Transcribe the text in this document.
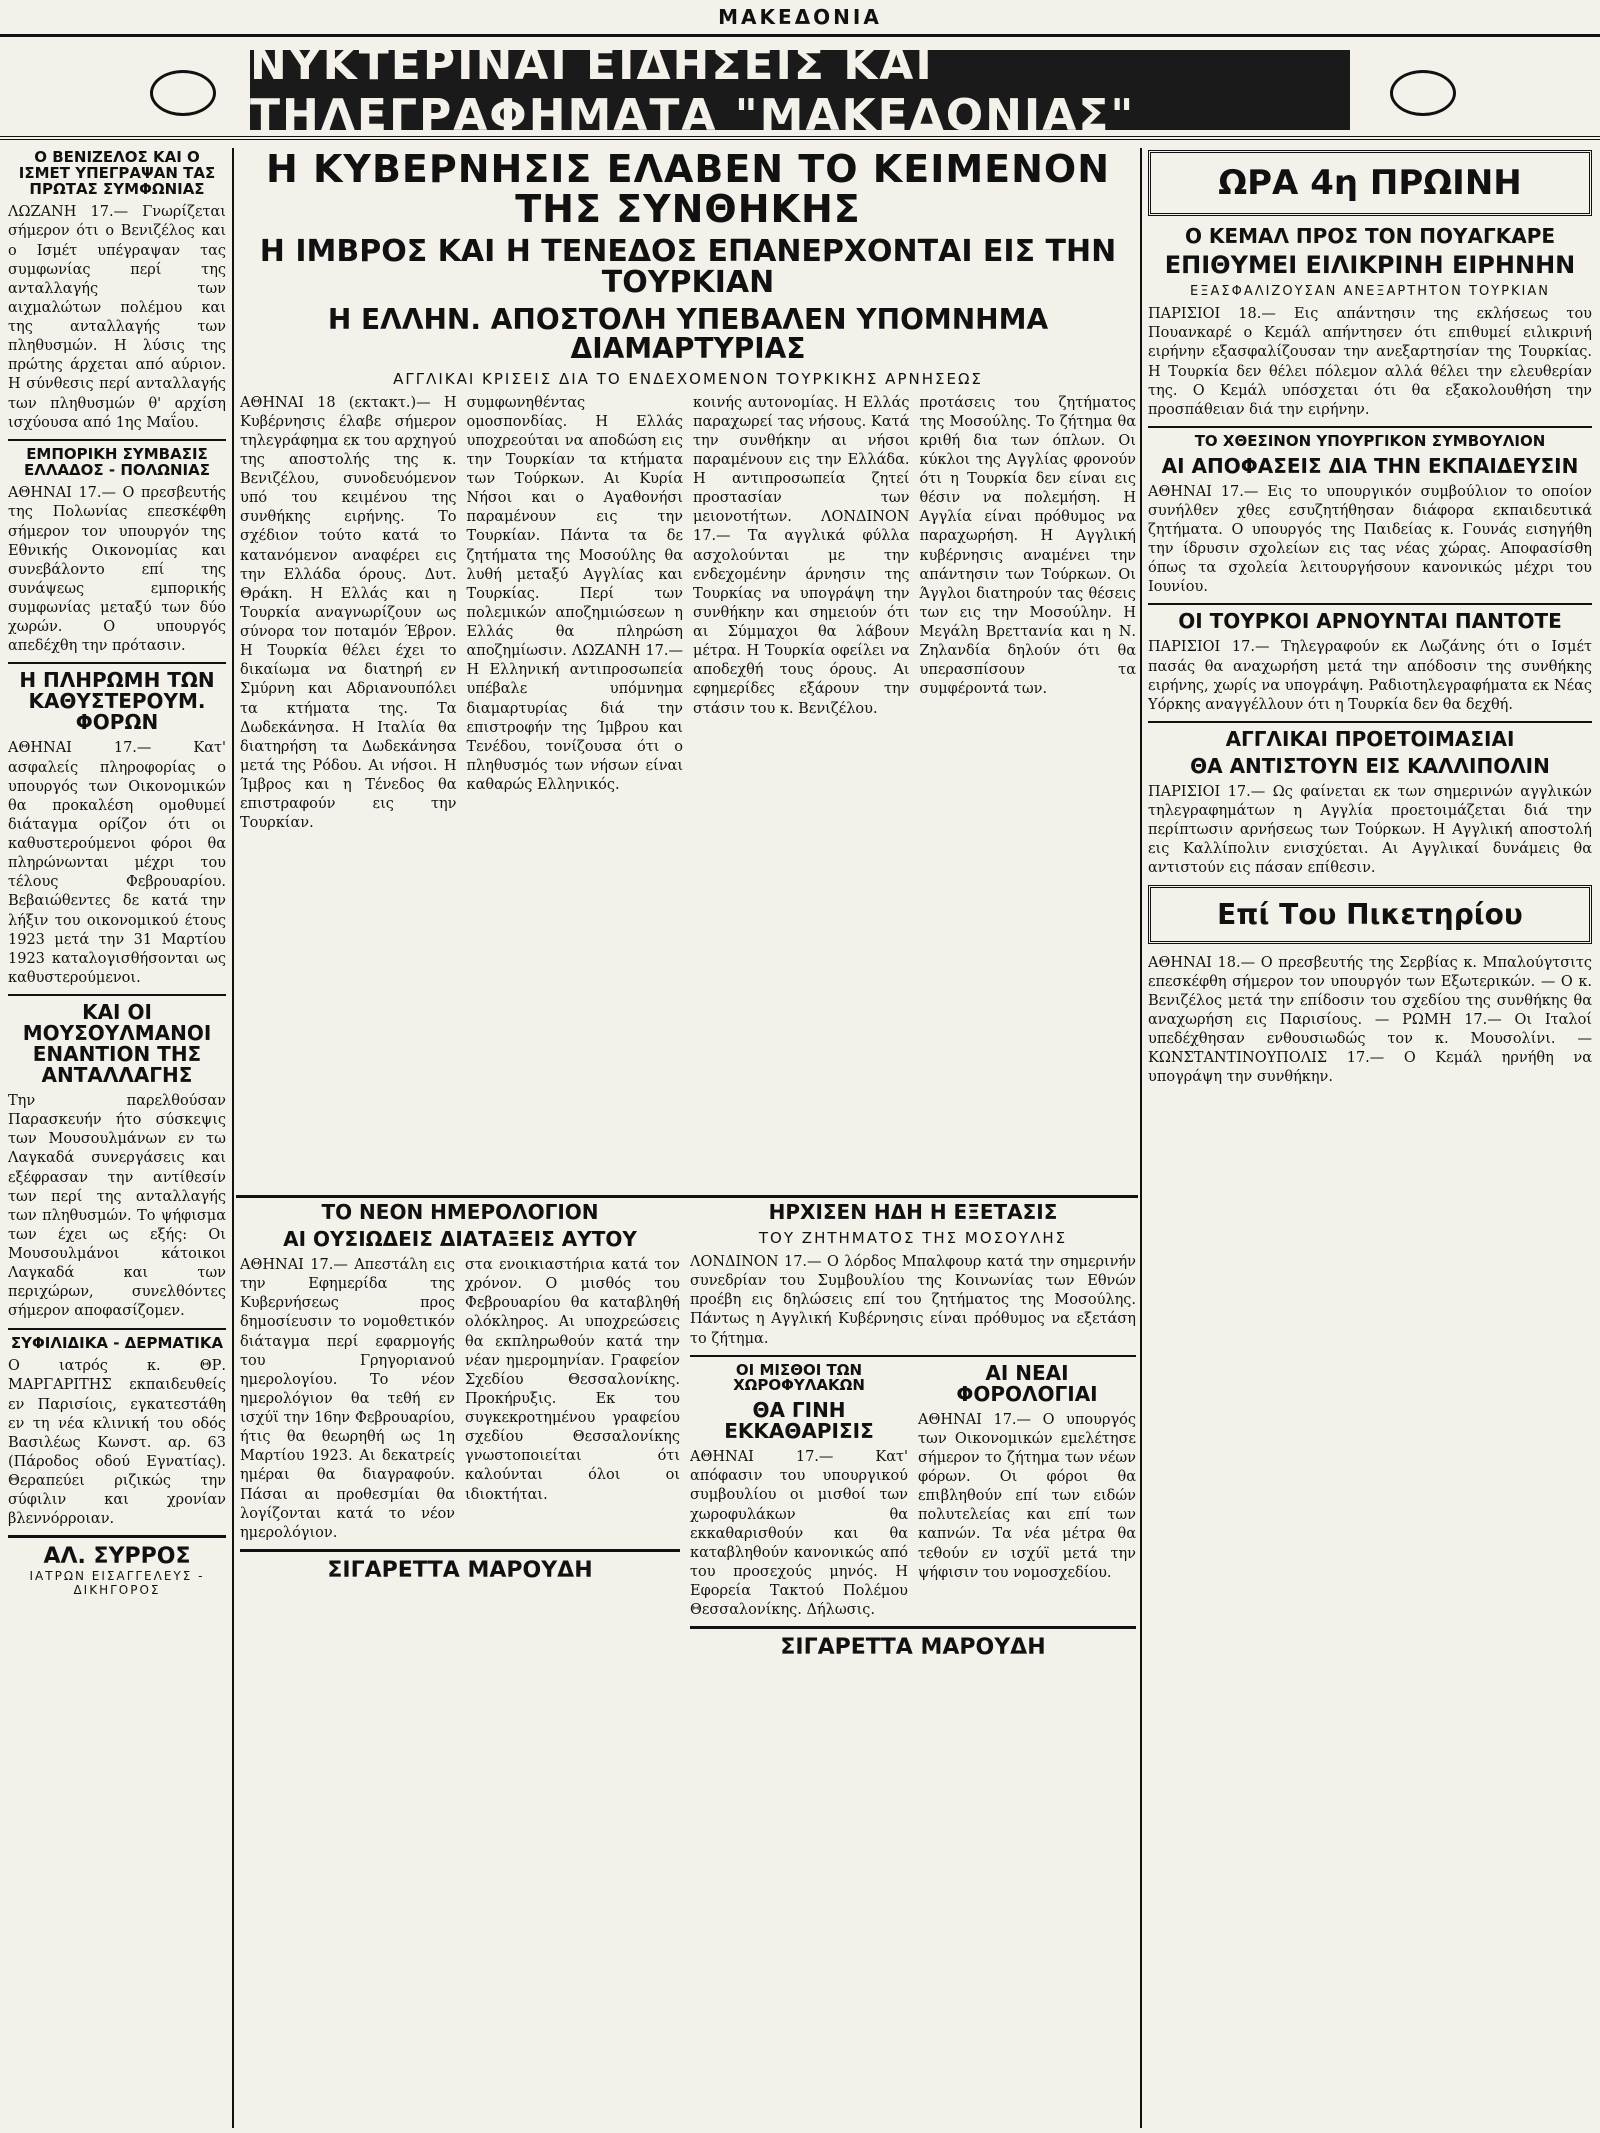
ΜΑΚΕΔΟΝΙΑ
ΝΥΚΤΕΡΙΝΑΙ ΕΙΔΗΣΕΙΣ ΚΑΙ ΤΗΛΕΓΡΑΦΗΜΑΤΑ "ΜΑΚΕΔΟΝΙΑΣ"
Ο ΒΕΝΙΖΕΛΟΣ ΚΑΙ Ο ΙΣΜΕΤ ΥΠΕΓΡΑΨΑΝ ΤΑΣ ΠΡΩΤΑΣ ΣΥΜΦΩΝΙΑΣ

ΛΩΖΑΝΗ 17.— Γνωρίζεται σήμερον ότι ο Βενιζέλος και ο Ισμέτ υπέγραψαν τας συμφωνίας περί της ανταλλαγής των αιχμαλώτων πολέμου και της ανταλλαγής των πληθυσμών. Η λύσις της πρώτης άρχεται από αύριον. Η σύνθεσις περί ανταλλαγής των πληθυσμών θ' αρχίση ισχύουσα από 1ης Μαΐου.

ΕΜΠΟΡΙΚΗ ΣΥΜΒΑΣΙΣ ΕΛΛΑΔΟΣ - ΠΟΛΩΝΙΑΣ

ΑΘΗΝΑΙ 17.— Ο πρεσβευτής της Πολωνίας επεσκέφθη σήμερον τον υπουργόν της Εθνικής Οικονομίας και συνεβάλοντο επί της συνάψεως εμπορικής συμφωνίας μεταξύ των δύο χωρών. Ο υπουργός απεδέχθη την πρότασιν.

Η ΠΛΗΡΩΜΗ ΤΩΝ ΚΑΘΥΣΤΕΡΟΥΜ. ΦΟΡΩΝ

ΑΘΗΝΑΙ 17.— Κατ' ασφαλείς πληροφορίας ο υπουργός των Οικονομικών θα προκαλέση ομοθυμεί διάταγμα ορίζον ότι οι καθυστερούμενοι φόροι θα πληρώνωνται μέχρι του τέλους Φεβρουαρίου. Βεβαιώθεντες δε κατά την λήξιν του οικονομικού έτους 1923 μετά την 31 Μαρτίου 1923 καταλογισθήσονται ως καθυστερούμενοι.

ΚΑΙ ΟΙ ΜΟΥΣΟΥΛΜΑΝΟΙ ΕΝΑΝΤΙΟΝ ΤΗΣ ΑΝΤΑΛΛΑΓΗΣ

Την παρελθούσαν Παρασκευήν ήτο σύσκεψις των Μουσουλμάνων εν τω Λαγκαδά συνεργάσεις και εξέφρασαν την αντίθεσίν των περί της ανταλλαγής των πληθυσμών. Το ψήφισμα των έχει ως εξής: Οι Μουσουλμάνοι κάτοικοι Λαγκαδά και των περιχώρων, συνελθόντες σήμερον αποφασίζομεν.

ΣΥΦΙΛΙΔΙΚΑ - ΔΕΡΜΑΤΙΚΑ

Ο ιατρός κ. ΘΡ. ΜΑΡΓΑΡΙΤΗΣ εκπαιδευθείς εν Παρισίοις, εγκατεστάθη εν τη νέα κλινική του οδός Βασιλέως Κωνστ. αρ. 63 (Πάροδος οδού Εγνατίας). Θεραπεύει ριζικώς την σύφιλιν και χρονίαν βλεννόρροιαν.

ΑΛ. ΣΥΡΡΟΣ
ΙΑΤΡΩΝ ΕΙΣΑΓΓΕΛΕΥΣ - ΔΙΚΗΓΟΡΟΣ
Η ΚΥΒΕΡΝΗΣΙΣ ΕΛΑΒΕΝ ΤΟ ΚΕΙΜΕΝΟΝ ΤΗΣ ΣΥΝΘΗΚΗΣ
Η ΙΜΒΡΟΣ ΚΑΙ Η ΤΕΝΕΔΟΣ ΕΠΑΝΕΡΧΟΝΤΑΙ ΕΙΣ ΤΗΝ ΤΟΥΡΚΙΑΝ
Η ΕΛΛΗΝ. ΑΠΟΣΤΟΛΗ ΥΠΕΒΑΛΕΝ ΥΠΟΜΝΗΜΑ ΔΙΑΜΑΡΤΥΡΙΑΣ
ΑΓΓΛΙΚΑΙ ΚΡΙΣΕΙΣ ΔΙΑ ΤΟ ΕΝΔΕΧΟΜΕΝΟΝ ΤΟΥΡΚΙΚΗΣ ΑΡΝΗΣΕΩΣ

ΑΘΗΝΑΙ 18 (εκτακτ.)— Η Κυβέρνησις έλαβε σήμερον τηλεγράφημα εκ του αρχηγού της αποστολής της κ. Βενιζέλου, συνοδευόμενον υπό του κειμένου της συνθήκης ειρήνης. Το σχέδιον τούτο κατά το κατανόμενον αναφέρει εις την Ελλάδα όρους. Δυτ. Θράκη. Η Ελλάς και η Τουρκία αναγνωρίζουν ως σύνορα τον ποταμόν Έβρον. Η Τουρκία θέλει έχει το δικαίωμα να διατηρή εν Σμύρνη και Αδριανουπόλει τα κτήματα της. Τα Δωδεκάνησα. Η Ιταλία θα διατηρήση τα Δωδεκάνησα μετά της Ρόδου. Αι νήσοι. Η Ίμβρος και η Τένεδος θα επιστραφούν εις την Τουρκίαν.

συμφωνηθέντας ομοσπονδίας. Η Ελλάς υποχρεούται να αποδώση εις την Τουρκίαν τα κτήματα των Τούρκων. Αι Κυρία Νήσοι και ο Αγαθονήσι παραμένουν εις την Τουρκίαν. Πάντα τα δε ζητήματα της Μοσούλης θα λυθή μεταξύ Αγγλίας και Τουρκίας. Περί των πολεμικών αποζημιώσεων η Ελλάς θα πληρώση αποζημίωσιν. ΛΩΖΑΝΗ 17.— Η Ελληνική αντιπροσωπεία υπέβαλε υπόμνημα διαμαρτυρίας διά την επιστροφήν της Ίμβρου και Τενέδου, τονίζουσα ότι ο πληθυσμός των νήσων είναι καθαρώς Ελληνικός.

κοινής αυτονομίας. Η Ελλάς παραχωρεί τας νήσους. Κατά την συνθήκην αι νήσοι παραμένουν εις την Ελλάδα. Η αντιπροσωπεία ζητεί προστασίαν των μειονοτήτων. ΛΟΝΔΙΝΟΝ 17.— Τα αγγλικά φύλλα ασχολούνται με την ενδεχομένην άρνησιν της Τουρκίας να υπογράψη την συνθήκην και σημειούν ότι αι Σύμμαχοι θα λάβουν μέτρα. Η Τουρκία οφείλει να αποδεχθή τους όρους. Αι εφημερίδες εξάρουν την στάσιν του κ. Βενιζέλου.

προτάσεις του ζητήματος της Μοσούλης. Το ζήτημα θα κριθή δια των όπλων. Οι κύκλοι της Αγγλίας φρονούν ότι η Τουρκία δεν είναι εις θέσιν να πολεμήση. Η Αγγλία είναι πρόθυμος να παραχωρήση. Η Αγγλική κυβέρνησις αναμένει την απάντησιν των Τούρκων. Οι Άγγλοι διατηρούν τας θέσεις των εις την Μοσούλην. Η Μεγάλη Βρεττανία και η Ν. Ζηλανδία δηλούν ότι θα υπερασπίσουν τα συμφέροντά των.

ΤΟ ΝΕΟΝ ΗΜΕΡΟΛΟΓΙΟΝ
ΑΙ ΟΥΣΙΩΔΕΙΣ ΔΙΑΤΑΞΕΙΣ ΑΥΤΟΥ

ΑΘΗΝΑΙ 17.— Απεστάλη εις την Εφημερίδα της Κυβερνήσεως προς δημοσίευσιν το νομοθετικόν διάταγμα περί εφαρμογής του Γρηγοριανού ημερολογίου. Το νέον ημερολόγιον θα τεθή εν ισχύϊ την 16ην Φεβρουαρίου, ήτις θα θεωρηθή ως 1η Μαρτίου 1923. Αι δεκατρείς ημέραι θα διαγραφούν. Πάσαι αι προθεσμίαι θα λογίζονται κατά το νέον ημερολόγιον.

στα ενοικιαστήρια κατά τον χρόνον. Ο μισθός του Φεβρουαρίου θα καταβληθή ολόκληρος. Αι υποχρεώσεις θα εκπληρωθούν κατά την νέαν ημερομηνίαν. Γραφείον Σχεδίου Θεσσαλονίκης. Προκήρυξις. Εκ του συγκεκροτημένου γραφείου σχεδίου Θεσσαλονίκης γνωστοποιείται ότι καλούνται όλοι οι ιδιοκτήται.

ΣΙΓΑΡΕΤΤΑ ΜΑΡΟΥΔΗ
ΗΡΧΙΣΕΝ ΗΔΗ Η ΕΞΕΤΑΣΙΣ
ΤΟΥ ΖΗΤΗΜΑΤΟΣ ΤΗΣ ΜΟΣΟΥΛΗΣ

ΛΟΝΔΙΝΟΝ 17.— Ο λόρδος Μπαλφουρ κατά την σημερινήν συνεδρίαν του Συμβουλίου της Κοινωνίας των Εθνών προέβη εις δηλώσεις επί του ζητήματος της Μοσούλης. Πάντως η Αγγλική Κυβέρνησις είναι πρόθυμος να εξετάση το ζήτημα.

ΟΙ ΜΙΣΘΟΙ ΤΩΝ ΧΩΡΟΦΥΛΑΚΩΝ
ΘΑ ΓΙΝΗ ΕΚΚΑΘΑΡΙΣΙΣ

ΑΘΗΝΑΙ 17.— Κατ' απόφασιν του υπουργικού συμβουλίου οι μισθοί των χωροφυλάκων θα εκκαθαρισθούν και θα καταβληθούν κανονικώς από του προσεχούς μηνός. Η Εφορεία Τακτού Πολέμου Θεσσαλονίκης. Δήλωσις.

ΑΙ ΝΕΑΙ ΦΟΡΟΛΟΓΙΑΙ

ΑΘΗΝΑΙ 17.— Ο υπουργός των Οικονομικών εμελέτησε σήμερον το ζήτημα των νέων φόρων. Οι φόροι θα επιβληθούν επί των ειδών πολυτελείας και επί των καπνών. Τα νέα μέτρα θα τεθούν εν ισχύϊ μετά την ψήφισιν του νομοσχεδίου.

ΣΙΓΑΡΕΤΤΑ ΜΑΡΟΥΔΗ
ΩΡΑ 4η ΠΡΩΙΝΗ
Ο ΚΕΜΑΛ ΠΡΟΣ ΤΟΝ ΠΟΥΑΓΚΑΡΕ
ΕΠΙΘΥΜΕΙ ΕΙΛΙΚΡΙΝΗ ΕΙΡΗΝΗΝ
ΕΞΑΣΦΑΛΙΖΟΥΣΑΝ ΑΝΕΞΑΡΤΗΤΟΝ ΤΟΥΡΚΙΑΝ

ΠΑΡΙΣΙΟΙ 18.— Εις απάντησιν της εκλήσεως του Πουανκαρέ ο Κεμάλ απήντησεν ότι επιθυμεί ειλικρινή ειρήνην εξασφαλίζουσαν την ανεξαρτησίαν της Τουρκίας. Η Τουρκία δεν θέλει πόλεμον αλλά θέλει την ελευθερίαν της. Ο Κεμάλ υπόσχεται ότι θα εξακολουθήση την προσπάθειαν διά την ειρήνην.

ΤΟ ΧΘΕΣΙΝΟΝ ΥΠΟΥΡΓΙΚΟΝ ΣΥΜΒΟΥΛΙΟΝ
ΑΙ ΑΠΟΦΑΣΕΙΣ ΔΙΑ ΤΗΝ ΕΚΠΑΙΔΕΥΣΙΝ

ΑΘΗΝΑΙ 17.— Εις το υπουργικόν συμβούλιον το οποίον συνήλθεν χθες εσυζητήθησαν διάφορα εκπαιδευτικά ζητήματα. Ο υπουργός της Παιδείας κ. Γουνάς εισηγήθη την ίδρυσιν σχολείων εις τας νέας χώρας. Αποφασίσθη όπως τα σχολεία λειτουργήσουν κανονικώς μέχρι του Ιουνίου.

ΟΙ ΤΟΥΡΚΟΙ ΑΡΝΟΥΝΤΑΙ ΠΑΝΤΟΤΕ

ΠΑΡΙΣΙΟΙ 17.— Τηλεγραφούν εκ Λωζάνης ότι ο Ισμέτ πασάς θα αναχωρήση μετά την απόδοσιν της συνθήκης ειρήνης, χωρίς να υπογράψη. Ραδιοτηλεγραφήματα εκ Νέας Υόρκης αναγγέλλουν ότι η Τουρκία δεν θα δεχθή.

ΑΓΓΛΙΚΑΙ ΠΡΟΕΤΟΙΜΑΣΙΑΙ
ΘΑ ΑΝΤΙΣΤΟΥΝ ΕΙΣ ΚΑΛΛΙΠΟΛΙΝ

ΠΑΡΙΣΙΟΙ 17.— Ως φαίνεται εκ των σημερινών αγγλικών τηλεγραφημάτων η Αγγλία προετοιμάζεται διά την περίπτωσιν αρνήσεως των Τούρκων. Η Αγγλική αποστολή εις Καλλίπολιν ενισχύεται. Αι Αγγλικαί δυνάμεις θα αντιστούν εις πάσαν επίθεσιν.

Επί Του Πικετηρίου

ΑΘΗΝΑΙ 18.— Ο πρεσβευτής της Σερβίας κ. Μπαλούγτσιτς επεσκέφθη σήμερον τον υπουργόν των Εξωτερικών. — Ο κ. Βενιζέλος μετά την επίδοσιν του σχεδίου της συνθήκης θα αναχωρήση εις Παρισίους. — ΡΩΜΗ 17.— Οι Ιταλοί υπεδέχθησαν ενθουσιωδώς τον κ. Μουσολίνι. — ΚΩΝΣΤΑΝΤΙΝΟΥΠΟΛΙΣ 17.— Ο Κεμάλ ηρνήθη να υπογράψη την συνθήκην.
